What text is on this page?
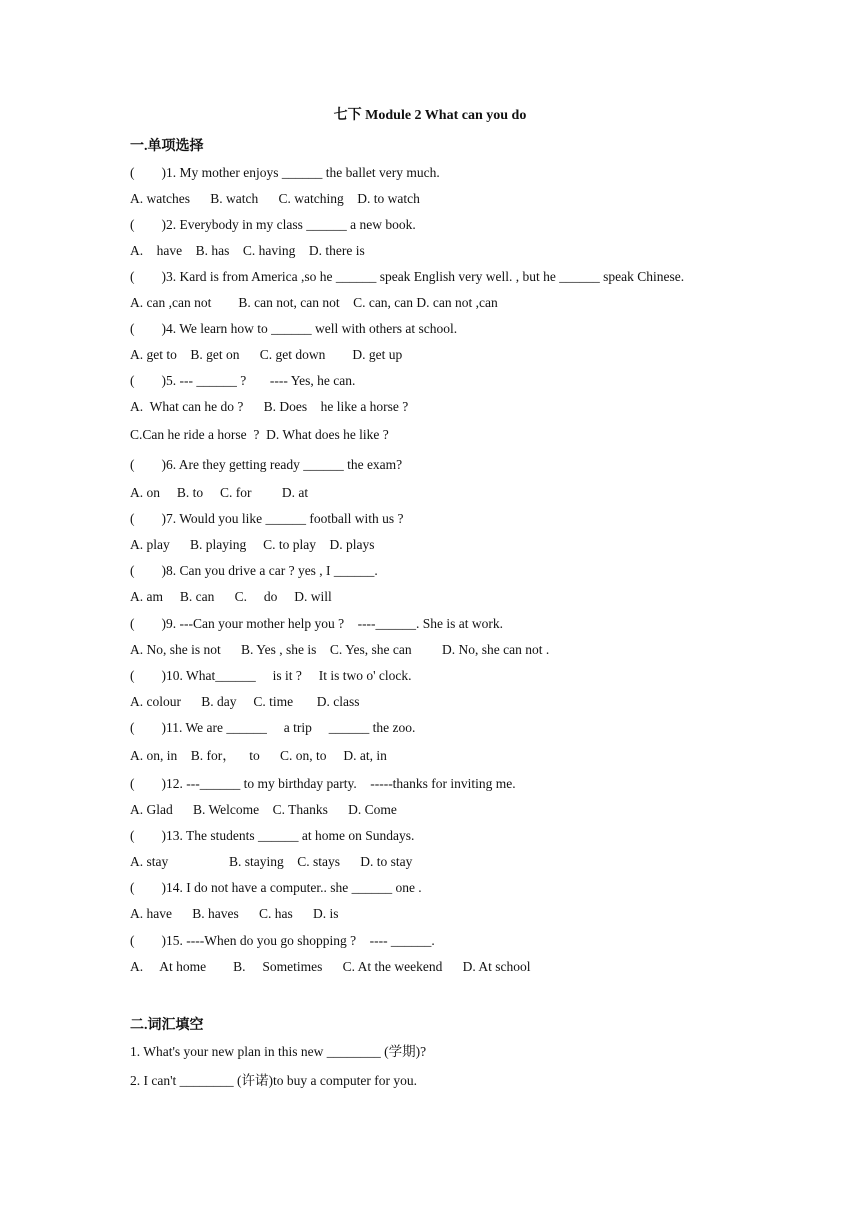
七下 Module 2 What can you do
一.单项选择
(        )1. My mother enjoys ______ the ballet very much.
A. watches      B. watch      C. watching    D. to watch
(        )2. Everybody in my class ______ a new book.
A.    have    B. has    C. having    D. there is
(        )3. Kard is from America ,so he ______ speak English very well. , but he ______ speak Chinese.
A. can ,can not        B. can not, can not    C. can, can D. can not ,can
(        )4. We learn how to ______ well with others at school.
A. get to    B. get on      C. get down        D. get up
(        )5. --- ______ ?       ---- Yes, he can.
A.  What can he do ?      B. Does    he like a horse ?
C.Can he ride a horse  ?  D. What does he like ?
(        )6. Are they getting ready ______ the exam?
A. on     B. to     C. for         D. at
(        )7. Would you like ______ football with us ?
A. play      B. playing     C. to play    D. plays
(        )8. Can you drive a car ? yes , I ______.
A. am     B. can      C.     do     D. will
(        )9. ---Can your mother help you ?    ----______. She is at work.
A. No, she is not      B. Yes , she is    C. Yes, she can         D. No, she can not .
(        )10. What______     is it ?     It is two o' clock.
A. colour      B. day     C. time       D. class
(        )11. We are ______     a trip     ______ the zoo.
A. on, in    B. for，    to      C. on, to     D. at, in
(        )12. ---______ to my birthday party.    -----thanks for inviting me.
A. Glad      B. Welcome    C. Thanks      D. Come
(        )13. The students ______ at home on Sundays.
A. stay                  B. staying    C. stays      D. to stay
(        )14. I do not have a computer.. she ______ one .
A. have      B. haves      C. has      D. is
(        )15. ----When do you go shopping ?    ---- ______.
A.     At home        B.     Sometimes      C. At the weekend      D. At school
二.词汇填空
1. What's your new plan in this new ________ (学期)?
2. I can't ________ (许诺)to buy a computer for you.
